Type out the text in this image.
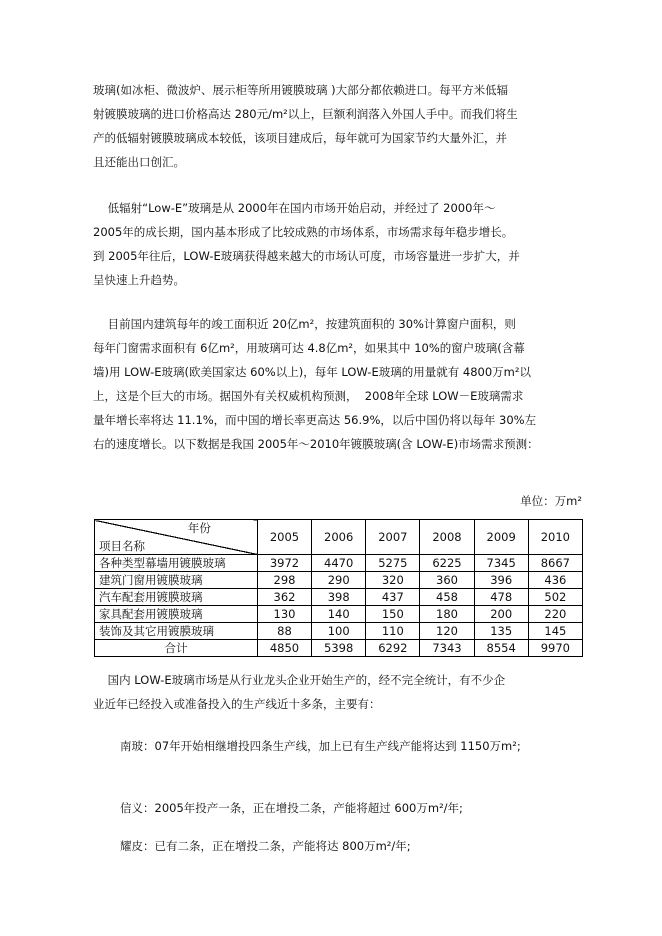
玻璃(如冰柜、微波炉、展示柜等所用镀膜玻璃 )大部分都依赖进口。每平方米低辐
射镀膜玻璃的进口价格高达 280元/m²以上，巨额利润落入外国人手中。而我们将生
产的低辐射镀膜玻璃成本较低，该项目建成后，每年就可为国家节约大量外汇，并
且还能出口创汇。
低辐射“Low-E”玻璃是从 2000年在国内市场开始启动，并经过了 2000年～
2005年的成长期，国内基本形成了比较成熟的市场体系，市场需求每年稳步增长。
到 2005年往后，LOW-E玻璃获得越来越大的市场认可度，市场容量进一步扩大，并
呈快速上升趋势。
目前国内建筑每年的竣工面积近 20亿m²，按建筑面积的 30%计算窗户面积，则
每年门窗需求面积有 6亿m²，用玻璃可达 4.8亿m²，如果其中 10%的窗户玻璃(含幕
墙)用 LOW-E玻璃(欧美国家达 60%以上)，每年 LOW-E玻璃的用量就有 4800万m²以
上，这是个巨大的市场。据国外有关权威机构预测，  2008年全球 LOW－E玻璃需求
量年增长率将达 11.1%，而中国的增长率更高达 56.9%，以后中国仍将以每年 30%左
右的速度增长。以下数据是我国 2005年～2010年镀膜玻璃(含 LOW-E)市场需求预测：
单位：万m²
年份
项目名称	2005	2006	2007	2008	2009	2010
各种类型幕墙用镀膜玻璃	3972	4470	5275	6225	7345	8667
建筑门窗用镀膜玻璃	298	290	320	360	396	436
汽车配套用镀膜玻璃	362	398	437	458	478	502
家具配套用镀膜玻璃	130	140	150	180	200	220
装饰及其它用镀膜玻璃	88	100	110	120	135	145
合计	4850	5398	6292	7343	8554	9970
国内 LOW-E玻璃市场是从行业龙头企业开始生产的，经不完全统计，有不少企
业近年已经投入或准备投入的生产线近十多条，主要有：
南玻：07年开始相继增投四条生产线，加上已有生产线产能将达到 1150万m²;
信义：2005年投产一条，正在增投二条，产能将超过 600万m²/年;
耀皮：已有二条，正在增投二条，产能将达 800万m²/年;
